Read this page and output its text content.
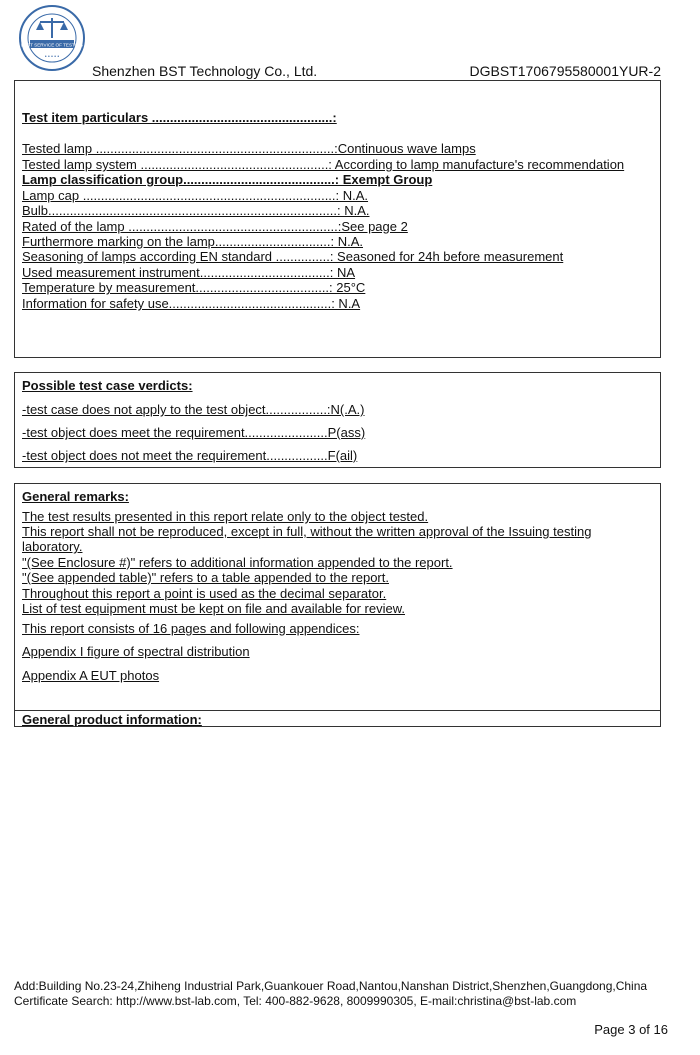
BEST SERVICE OF TESTING
• • • • •
Shenzhen BST Technology Co., Ltd.	DGBST1706795580001YUR-2
Test item particulars ..................................................:
Tested lamp ..................................................................:Continuous wave lamps
Tested lamp system ....................................................: According to lamp manufacture's recommendation
Lamp classification group..........................................: Exempt Group
Lamp cap ......................................................................: N.A.
Bulb................................................................................: N.A.
Rated of the lamp ..........................................................:See page 2
Furthermore marking on the lamp................................: N.A.
Seasoning of lamps according EN standard ...............: Seasoned for 24h before measurement
Used measurement instrument....................................: NA
Temperature by measurement.....................................: 25°C
Information for safety use.............................................: N.A
Possible test case verdicts:
-test case does not apply to the test object.................:N(.A.)
-test object does meet the requirement.......................P(ass)
-test object does not meet the requirement.................F(ail)
General remarks:
The test results presented in this report relate only to the object tested.
This report shall not be reproduced, except in full, without the written approval of the Issuing testing
laboratory.
"(See Enclosure #)" refers to additional information appended to the report.
"(See appended table)" refers to a table appended to the report.
Throughout this report a point is used as the decimal separator.
List of test equipment must be kept on file and available for review.
This report consists of 16 pages and following appendices:
Appendix I figure of spectral distribution
Appendix A EUT photos
General product information:
Add:Building No.23-24,Zhiheng Industrial Park,Guankouer Road,Nantou,Nanshan District,Shenzhen,Guangdong,China
Certificate Search: http://www.bst-lab.com, Tel: 400-882-9628, 8009990305, E-mail:christina@bst-lab.com
Page 3 of 16
